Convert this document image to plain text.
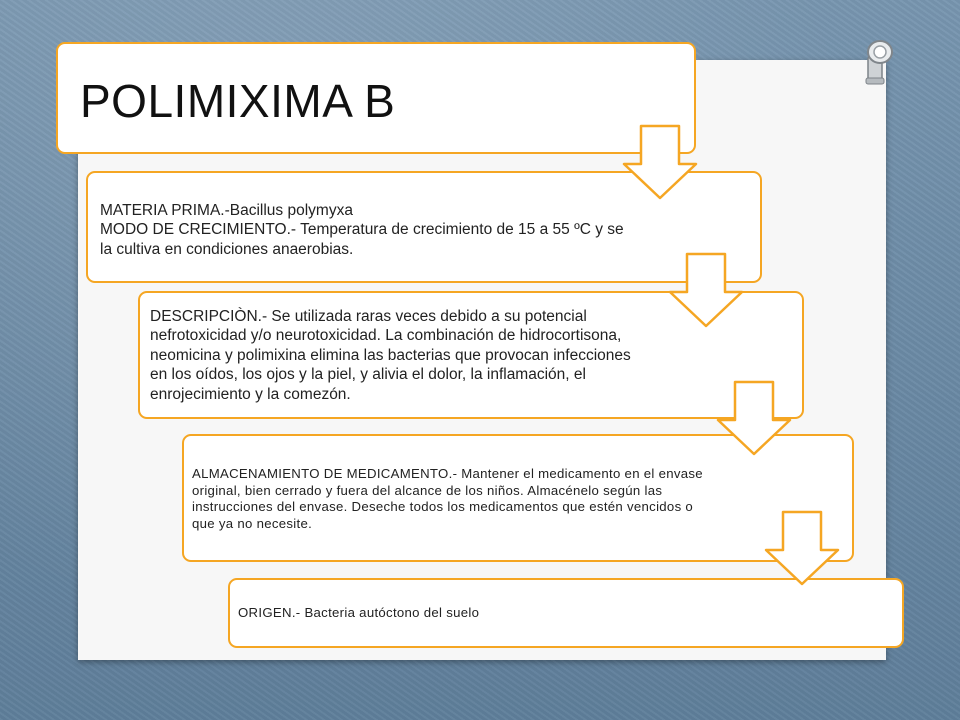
POLIMIXIMA B
MATERIA PRIMA.-Bacillus polymyxa
MODO DE CRECIMIENTO.- Temperatura de crecimiento de 15 a 55 ºC y se la cultiva en condiciones anaerobias.
DESCRIPCIÒN.- Se utilizada raras veces debido a su potencial nefrotoxicidad y/o neurotoxicidad. La combinación de hidrocortisona, neomicina y polimixina elimina las bacterias que provocan infecciones en los oídos, los ojos y la piel, y alivia el dolor, la inflamación, el enrojecimiento y la comezón.
ALMACENAMIENTO DE MEDICAMENTO.- Mantener el medicamento en el envase original, bien cerrado y fuera del alcance de los niños. Almacénelo según las instrucciones del envase. Deseche todos los medicamentos que estén vencidos o que ya no necesite.
ORIGEN.- Bacteria autóctono del suelo
